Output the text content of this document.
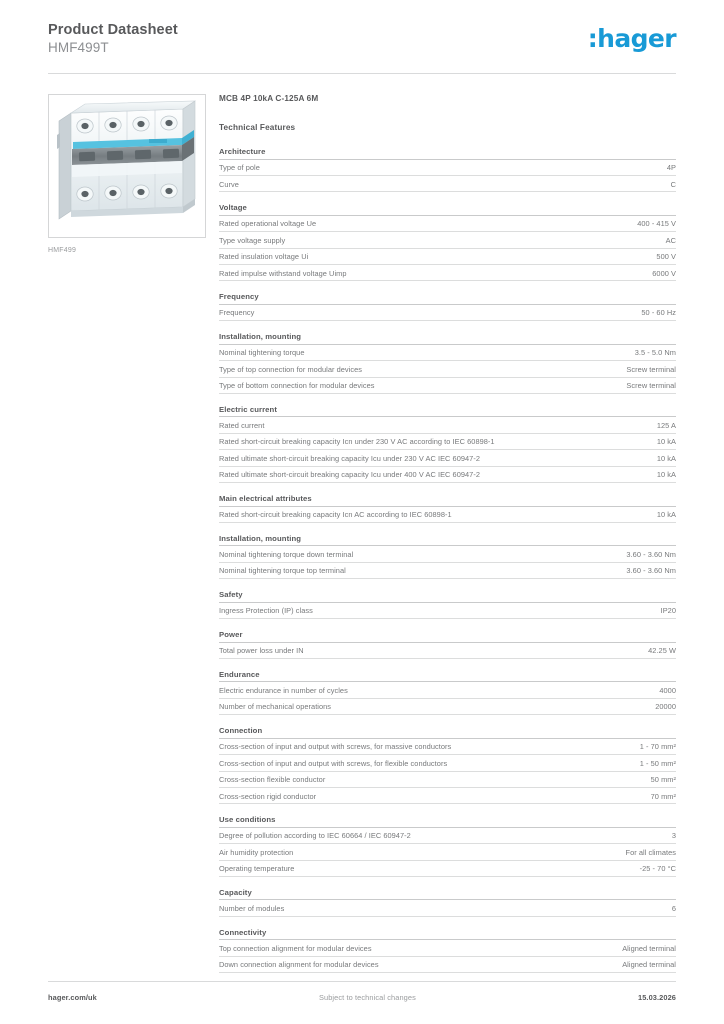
Product Datasheet
HMF499T	:hager
HMF499
MCB 4P 10kA C-125A 6M
Technical Features
Architecture
Type of pole	4P
Curve	C
Voltage
Rated operational voltage Ue	400 - 415 V
Type voltage supply	AC
Rated insulation voltage Ui	500 V
Rated impulse withstand voltage Uimp	6000 V
Frequency
Frequency	50 - 60 Hz
Installation, mounting
Nominal tightening torque	3.5 - 5.0 Nm
Type of top connection for modular devices	Screw terminal
Type of bottom connection for modular devices	Screw terminal
Electric current
Rated current	125 A
Rated short-circuit breaking capacity Icn under 230 V AC according to IEC 60898-1	10 kA
Rated ultimate short-circuit breaking capacity Icu under 230 V AC IEC 60947-2	10 kA
Rated ultimate short-circuit breaking capacity Icu under 400 V AC IEC 60947-2	10 kA
Main electrical attributes
Rated short-circuit breaking capacity Icn AC according to IEC 60898-1	10 kA
Installation, mounting
Nominal tightening torque down terminal	3.60 - 3.60 Nm
Nominal tightening torque top terminal	3.60 - 3.60 Nm
Safety
Ingress Protection (IP) class	IP20
Power
Total power loss under IN	42.25 W
Endurance
Electric endurance in number of cycles	4000
Number of mechanical operations	20000
Connection
Cross-section of input and output with screws, for massive conductors	1 - 70 mm²
Cross-section of input and output with screws, for flexible conductors	1 - 50 mm²
Cross-section flexible conductor	50 mm²
Cross-section rigid conductor	70 mm²
Use conditions
Degree of pollution according to IEC 60664 / IEC 60947-2	3
Air humidity protection	For all climates
Operating temperature	-25 - 70 °C
Capacity
Number of modules	6
Connectivity
Top connection alignment for modular devices	Aligned terminal
Down connection alignment for modular devices	Aligned terminal
hager.com/uk	Subject to technical changes	15.03.2026
